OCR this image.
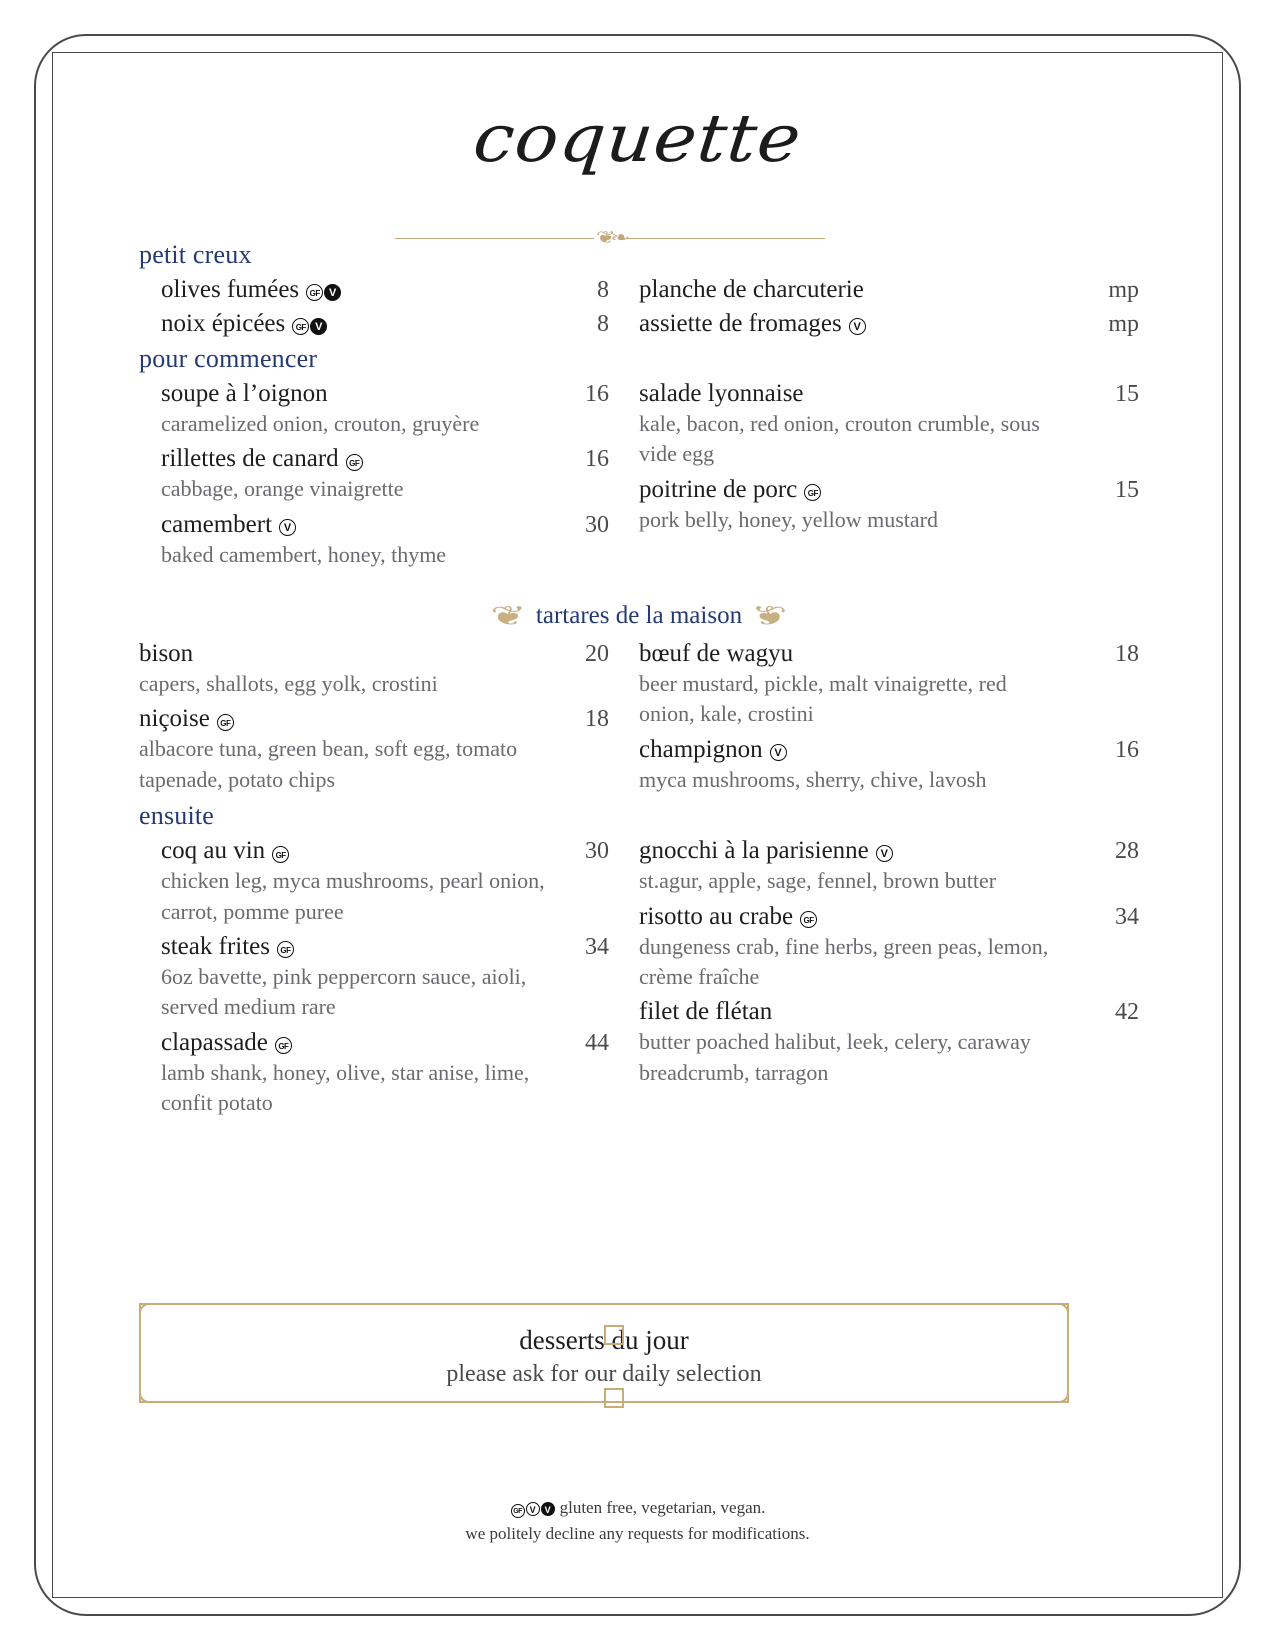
coquette
❦❧
petit creux
olives fumées GF V	8
noix épicées GF V	8
planche de charcuterie	mp
assiette de fromages V	mp
pour commencer
soupe à l’oignon	16
caramelized onion, crouton, gruyère
rillettes de canard GF	16
cabbage, orange vinaigrette
camembert V	30
baked camembert, honey, thyme
salade lyonnaise	15
kale, bacon, red onion, crouton crumble, sous vide egg
poitrine de porc GF	15
pork belly, honey, yellow mustard
❦ tartares de la maison ❦
bison	20
capers, shallots, egg yolk, crostini
niçoise GF	18
albacore tuna, green bean, soft egg, tomato tapenade, potato chips
bœuf de wagyu	18
beer mustard, pickle, malt vinaigrette, red onion, kale, crostini
champignon V	16
myca mushrooms, sherry, chive, lavosh
ensuite
coq au vin GF	30
chicken leg, myca mushrooms, pearl onion, carrot, pomme puree
steak frites GF	34
6oz bavette, pink peppercorn sauce, aioli, served medium rare
clapassade GF	44
lamb shank, honey, olive, star anise, lime, confit potato
gnocchi à la parisienne V	28
st.agur, apple, sage, fennel, brown butter
risotto au crabe GF	34
dungeness crab, fine herbs, green peas, lemon, crème fraîche
filet de flétan	42
butter poached halibut, leek, celery, caraway breadcrumb, tarragon
desserts du jour
please ask for our daily selection
GF V V gluten free, vegetarian, vegan.
we politely decline any requests for modifications.
